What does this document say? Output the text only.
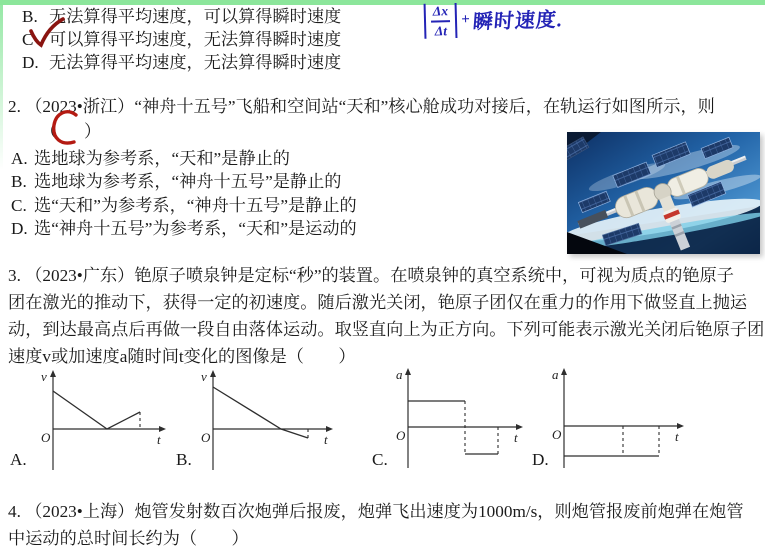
B. 无法算得平均速度，可以算得瞬时速度
C 可以算得平均速度，无法算得瞬时速度
D. 无法算得平均速度，无法算得瞬时速度
$\frac{\Delta x}{\Delta t}$ + 瞬时速度.
2. （2023•浙江）“神舟十五号”飞船和空间站“天和”核心舱成功对接后，在轨运行如图所示，则
（ ）
A. 选地球为参考系，“天和”是静止的
B. 选地球为参考系，“神舟十五号”是静止的
C. 选“天和”为参考系，“神舟十五号”是静止的
D. 选“神舟十五号”为参考系，“天和”是运动的
3. （2023•广东）铯原子喷泉钟是定标“秒”的装置。在喷泉钟的真空系统中，可视为质点的铯原子
团在激光的推动下，获得一定的初速度。随后激光关闭，铯原子团仅在重力的作用下做竖直上抛运
动，到达最高点后再做一段自由落体运动。取竖直向上为正方向。下列可能表示激光关闭后铯原子团
速度v或加速度a随时间t变化的图像是（　　）
v
t
O
v
t
O
a
t
O
a
t
O
A.	B.	C.	D.
4. （2023•上海）炮管发射数百次炮弹后报废，炮弹飞出速度为1000m/s，则炮管报废前炮弹在炮管
中运动的总时间长约为（　　）
